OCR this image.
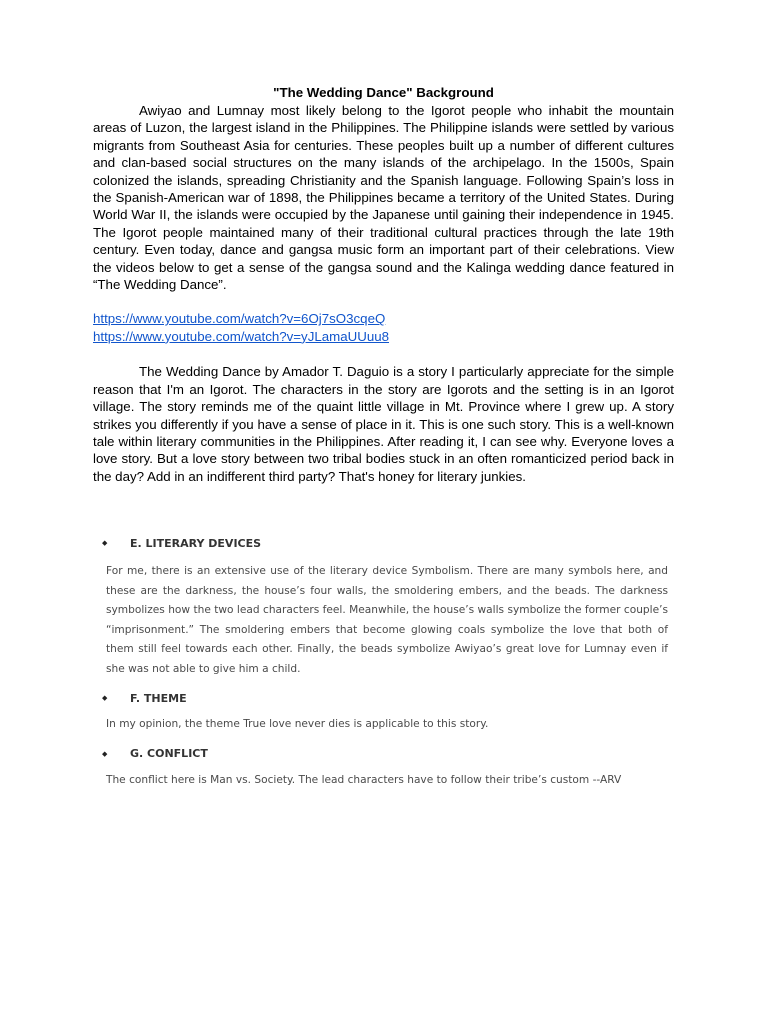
"The Wedding Dance" Background

Awiyao and Lumnay most likely belong to the Igorot people who inhabit the mountain areas of Luzon, the largest island in the Philippines. The Philippine islands were settled by various migrants from Southeast Asia for centuries. These peoples built up a number of different cultures and clan-based social structures on the many islands of the archipelago. In the 1500s, Spain colonized the islands, spreading Christianity and the Spanish language. Following Spain’s loss in the Spanish-American war of 1898, the Philippines became a territory of the United States. During World War II, the islands were occupied by the Japanese until gaining their independence in 1945. The Igorot people maintained many of their traditional cultural practices through the late 19th century. Even today, dance and gangsa music form an important part of their celebrations. View the videos below to get a sense of the gangsa sound and the Kalinga wedding dance featured in “The Wedding Dance”.

https://www.youtube.com/watch?v=6Oj7sO3cqeQ
https://www.youtube.com/watch?v=yJLamaUUuu8

The Wedding Dance by Amador T. Daguio is a story I particularly appreciate for the simple reason that I'm an Igorot. The characters in the story are Igorots and the setting is in an Igorot village. The story reminds me of the quaint little village in Mt. Province where I grew up. A story strikes you differently if you have a sense of place in it. This is one such story. This is a well-known tale within literary communities in the Philippines. After reading it, I can see why. Everyone loves a love story. But a love story between two tribal bodies stuck in an often romanticized period back in the day? Add in an indifferent third party? That's honey for literary junkies.

◆	E. LITERARY DEVICES

For me, there is an extensive use of the literary device Symbolism. There are many symbols here, and these are the darkness, the house’s four walls, the smoldering embers, and the beads. The darkness symbolizes how the two lead characters feel. Meanwhile, the house’s walls symbolize the former couple’s “imprisonment.” The smoldering embers that become glowing coals symbolize the love that both of them still feel towards each other. Finally, the beads symbolize Awiyao’s great love for Lumnay even if she was not able to give him a child.

◆	F. THEME

In my opinion, the theme True love never dies is applicable to this story.

◆	G. CONFLICT

The conflict here is Man vs. Society. The lead characters have to follow their tribe’s custom --ARV
